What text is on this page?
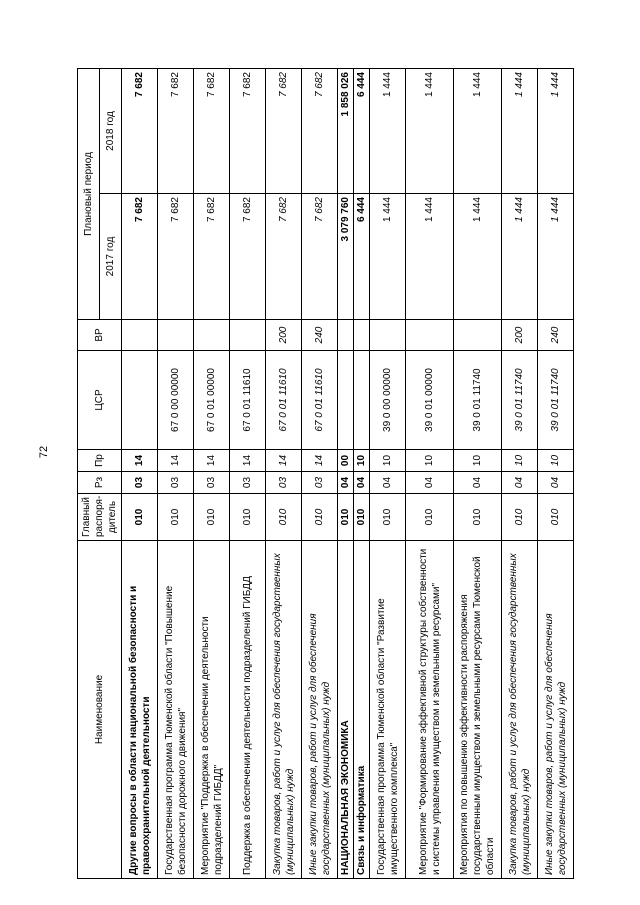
72
Наименование	Главный распоря-дитель	Рз	Пр	ЦСР	ВР	Плановый период	
						2017 год	2018 год
Другие вопросы в области национальной безопасности и правоохранительной деятельности	010	03	14			7 682	7 682
Государственная программа Тюменской области "Повышение безопасности дорожного движения"	010	03	14	67 0 00 00000		7 682	7 682
Мероприятие "Поддержка в обеспечении деятельности подразделений ГИБДД"	010	03	14	67 0 01 00000		7 682	7 682
Поддержка в обеспечении деятельности подразделений ГИБДД	010	03	14	67 0 01 11610		7 682	7 682
Закупка товаров, работ и услуг для обеспечения государственных (муниципальных) нужд	010	03	14	67 0 01 11610	200	7 682	7 682
Иные закупки товаров, работ и услуг для обеспечения государственных (муниципальных) нужд	010	03	14	67 0 01 11610	240	7 682	7 682
НАЦИОНАЛЬНАЯ ЭКОНОМИКА	010	04	00			3 079 760	1 858 026
Связь и информатика	010	04	10			6 444	6 444
Государственная программа Тюменской области "Развитие имущественного комплекса"	010	04	10	39 0 00 00000		1 444	1 444
Мероприятие "Формирование эффективной структуры собственности и системы управления имуществом и земельными ресурсами"	010	04	10	39 0 01 00000		1 444	1 444
Мероприятия по повышению эффективности распоряжения государственным имуществом и земельными ресурсами Тюменской области	010	04	10	39 0 01 11740		1 444	1 444
Закупка товаров, работ и услуг для обеспечения государственных (муниципальных) нужд	010	04	10	39 0 01 11740	200	1 444	1 444
Иные закупки товаров, работ и услуг для обеспечения государственных (муниципальных) нужд	010	04	10	39 0 01 11740	240	1 444	1 444
